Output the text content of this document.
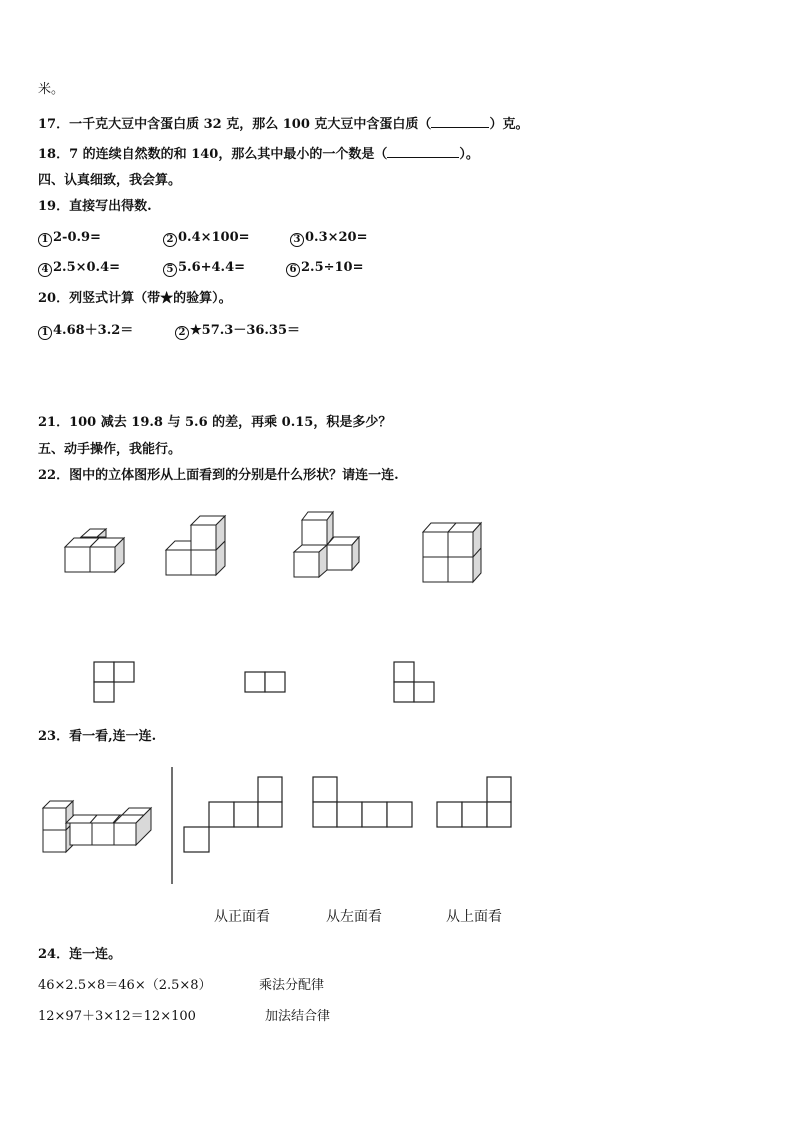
米。
17．一千克大豆中含蛋白质 32 克，那么 100 克大豆中含蛋白质（	）克。
18．7 的连续自然数的和 140，那么其中最小的一个数是（	）。
四、认真细致，我会算。
19．直接写出得数.
1 2-0.9=	2 0.4×100=	3 0.3×20=
4 2.5×0.4=	5 5.6+4.4=	6 2.5÷10=
20．列竖式计算（带★的验算）。
1 4.68＋3.2＝	2 ★57.3－36.35＝
21．100 减去 19.8 与 5.6 的差，再乘 0.15，积是多少？
五、动手操作，我能行。
22．图中的立体图形从上面看到的分别是什么形状？请连一连.
23．看一看,连一连.
从正面看	从左面看	从上面看
24．连一连。
46×2.5×8＝46×（2.5×8）	乘法分配律
12×97＋3×12＝12×100	加法结合律
